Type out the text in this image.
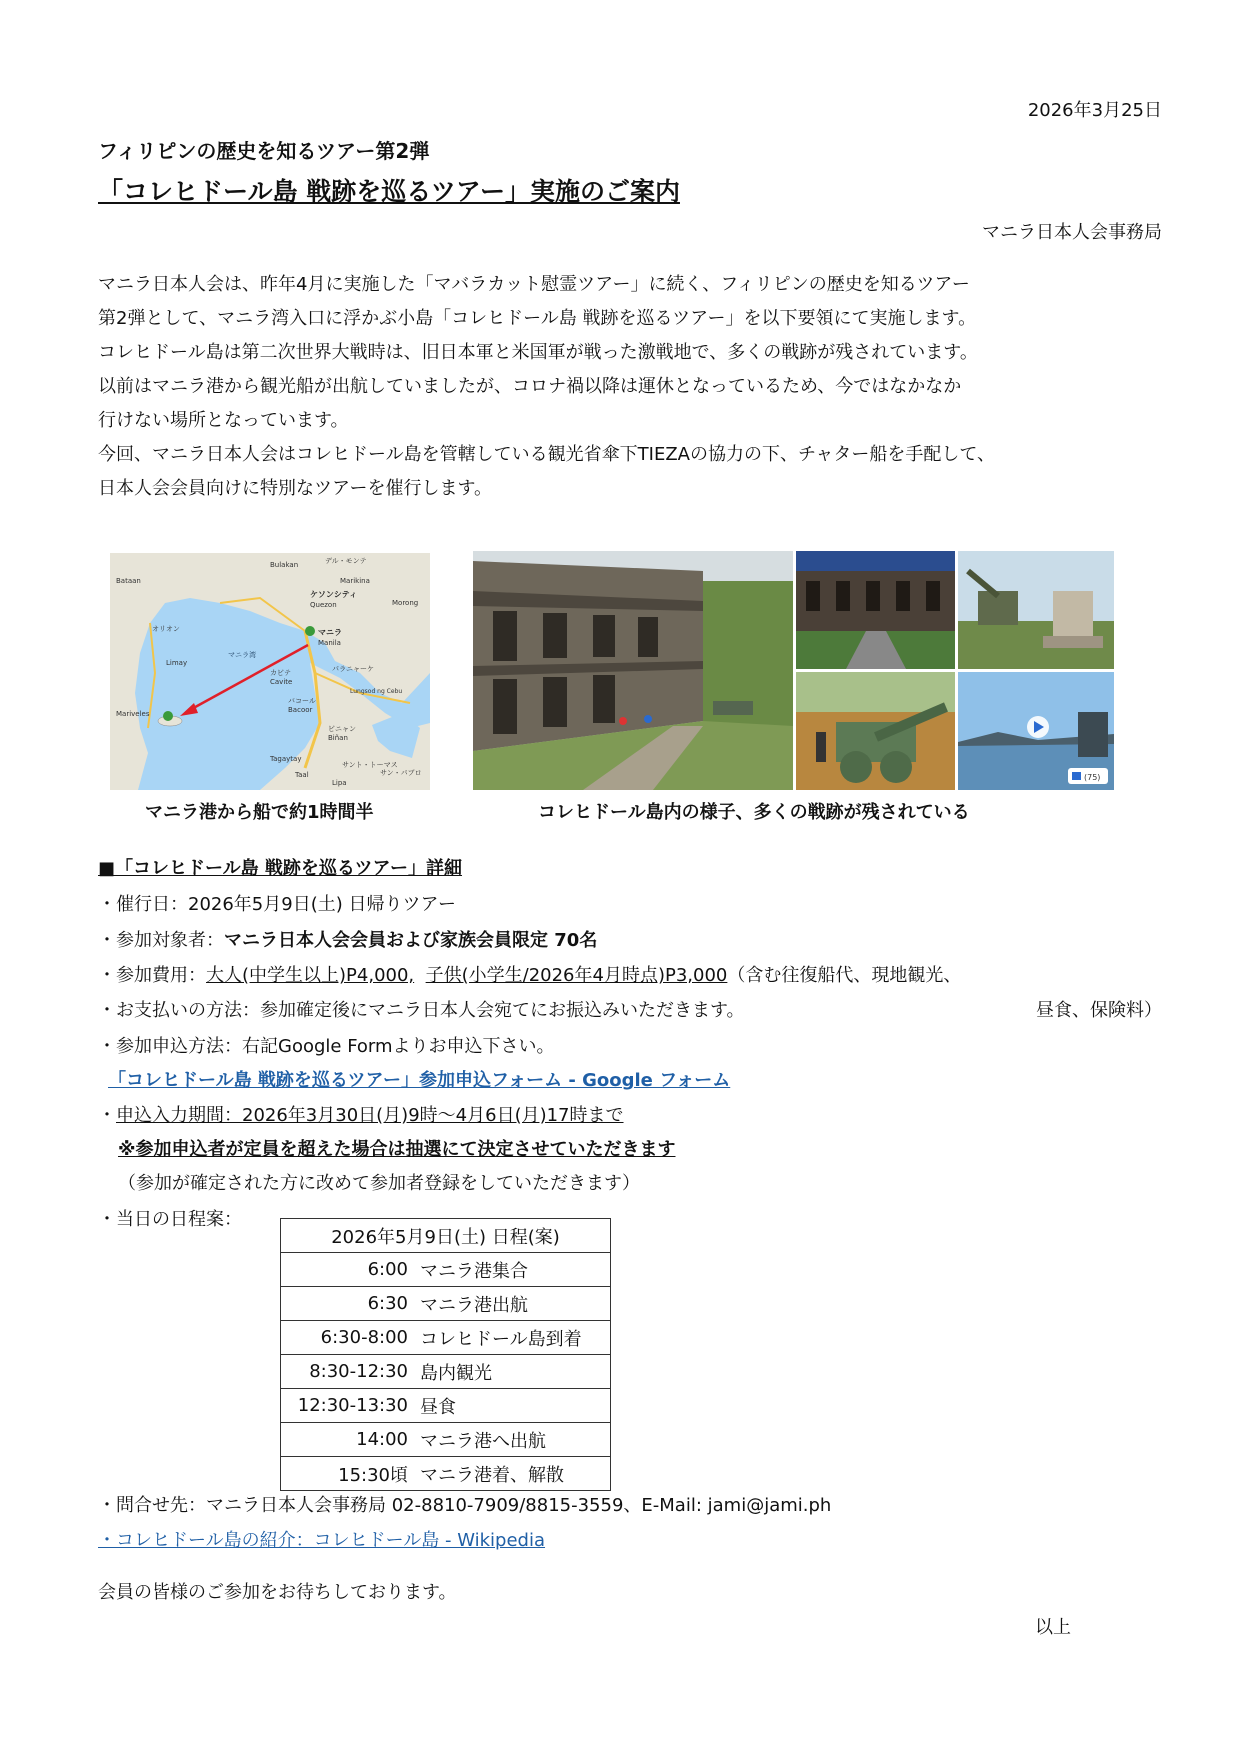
2026年3月25日
フィリピンの歴史を知るツアー第2弾
「コレヒドール島 戦跡を巡るツアー」実施のご案内
マニラ日本人会事務局
マニラ日本人会は、昨年4月に実施した「マバラカット慰霊ツアー」に続く、フィリピンの歴史を知るツアー
第2弾として、マニラ湾入口に浮かぶ小島「コレヒドール島 戦跡を巡るツアー」を以下要領にて実施します。
コレヒドール島は第二次世界大戦時は、旧日本軍と米国軍が戦った激戦地で、多くの戦跡が残されています。
以前はマニラ港から観光船が出航していましたが、コロナ禍以降は運休となっているため、今ではなかなか
行けない場所となっています。
今回、マニラ日本人会はコレヒドール島を管轄している観光省傘下TIEZAの協力の下、チャター船を手配して、
日本人会会員向けに特別なツアーを催行します。
Bulakan	デル・モンテ
ケソンシティ
Quezon
Marikina
Morong
マニラ
Manila
マニラ湾
オリオン
Limay
Bataan
Mariveles
カビテ
Cavite
パラニャーケ
バコール
Bacoor
Lungsod ng Cebu
ビニャン
Biñan
Tagaytay
Taal
サント・トーマス
サン・パブロ
Lipa
マニラ港から船で約1時間半
(75)
コレヒドール島内の様子、多くの戦跡が残されている
■「コレヒドール島 戦跡を巡るツアー」詳細
・催行日：2026年5月9日(土) 日帰りツアー
・参加対象者：マニラ日本人会会員および家族会員限定 70名
・参加費用：大人(中学生以上)P4,000, 子供(小学生/2026年4月時点)P3,000（含む往復船代、現地観光、
・お支払いの方法：参加確定後にマニラ日本人会宛てにお振込みいただきます。	昼食、保険料）
・参加申込方法：右記Google Formよりお申込下さい。
「コレヒドール島 戦跡を巡るツアー」参加申込フォーム - Google フォーム
・申込入力期間：2026年3月30日(月)9時～4月6日(月)17時まで
※参加申込者が定員を超えた場合は抽選にて決定させていただきます
（参加が確定された方に改めて参加者登録をしていただきます）
・当日の日程案：
2026年5月9日(土) 日程(案)	
6:00	マニラ港集合
6:30	マニラ港出航
6:30-8:00	コレヒドール島到着
8:30-12:30	島内観光
12:30-13:30	昼食
14:00	マニラ港へ出航
15:30頃	マニラ港着、解散
・問合せ先：マニラ日本人会事務局 02-8810-7909/8815-3559、E-Mail: jami@jami.ph
・コレヒドール島の紹介：コレヒドール島 - Wikipedia
会員の皆様のご参加をお待ちしております。
以上
